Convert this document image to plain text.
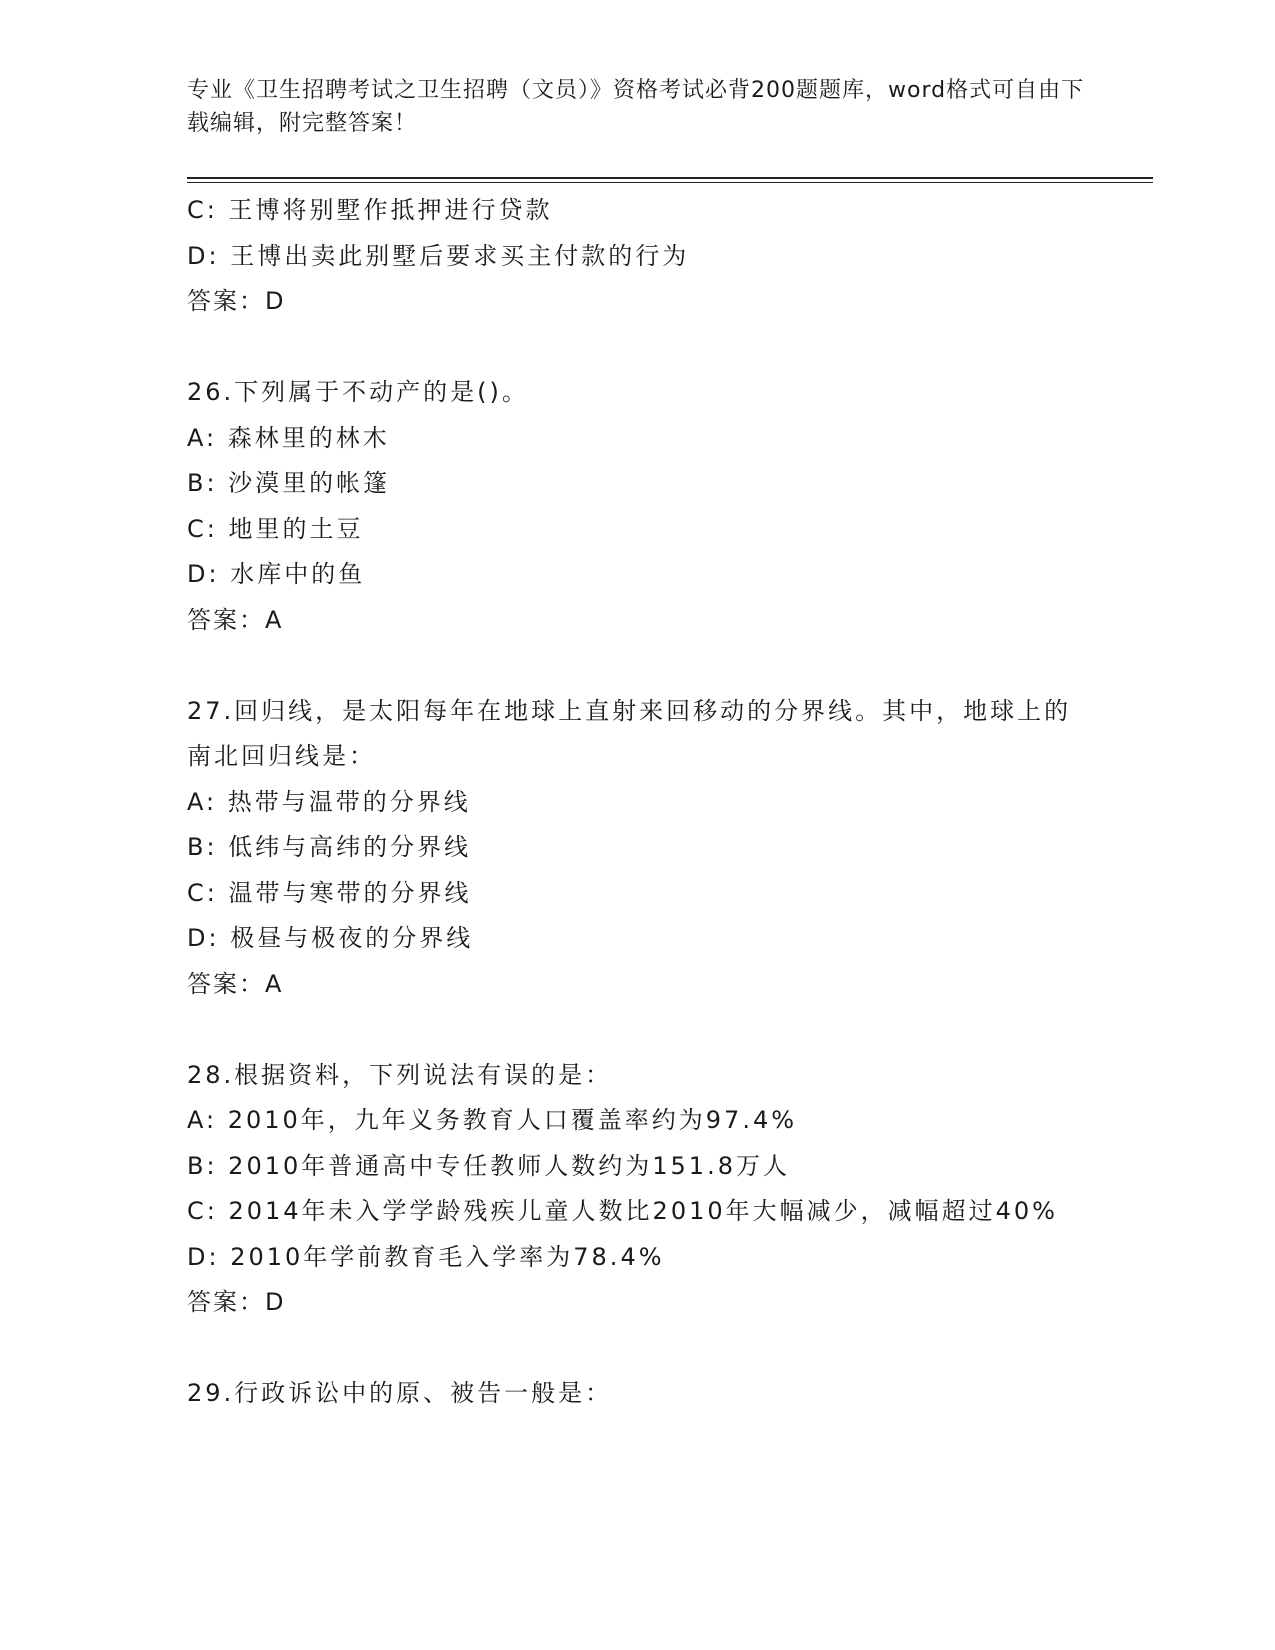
专业《卫生招聘考试之卫生招聘（文员）》资格考试必背200题题库，word格式可自由下载编辑，附完整答案！
C: 王博将别墅作抵押进行贷款
D: 王博出卖此别墅后要求买主付款的行为
答案：D
26.下列属于不动产的是()。
A: 森林里的林木
B: 沙漠里的帐篷
C: 地里的土豆
D: 水库中的鱼
答案：A
27.回归线，是太阳每年在地球上直射来回移动的分界线。其中，地球上的南北回归线是：
A: 热带与温带的分界线
B: 低纬与高纬的分界线
C: 温带与寒带的分界线
D: 极昼与极夜的分界线
答案：A
28.根据资料，下列说法有误的是：
A: 2010年，九年义务教育人口覆盖率约为97.4%
B: 2010年普通高中专任教师人数约为151.8万人
C: 2014年未入学学龄残疾儿童人数比2010年大幅减少，减幅超过40%
D: 2010年学前教育毛入学率为78.4%
答案：D
29.行政诉讼中的原、被告一般是：
